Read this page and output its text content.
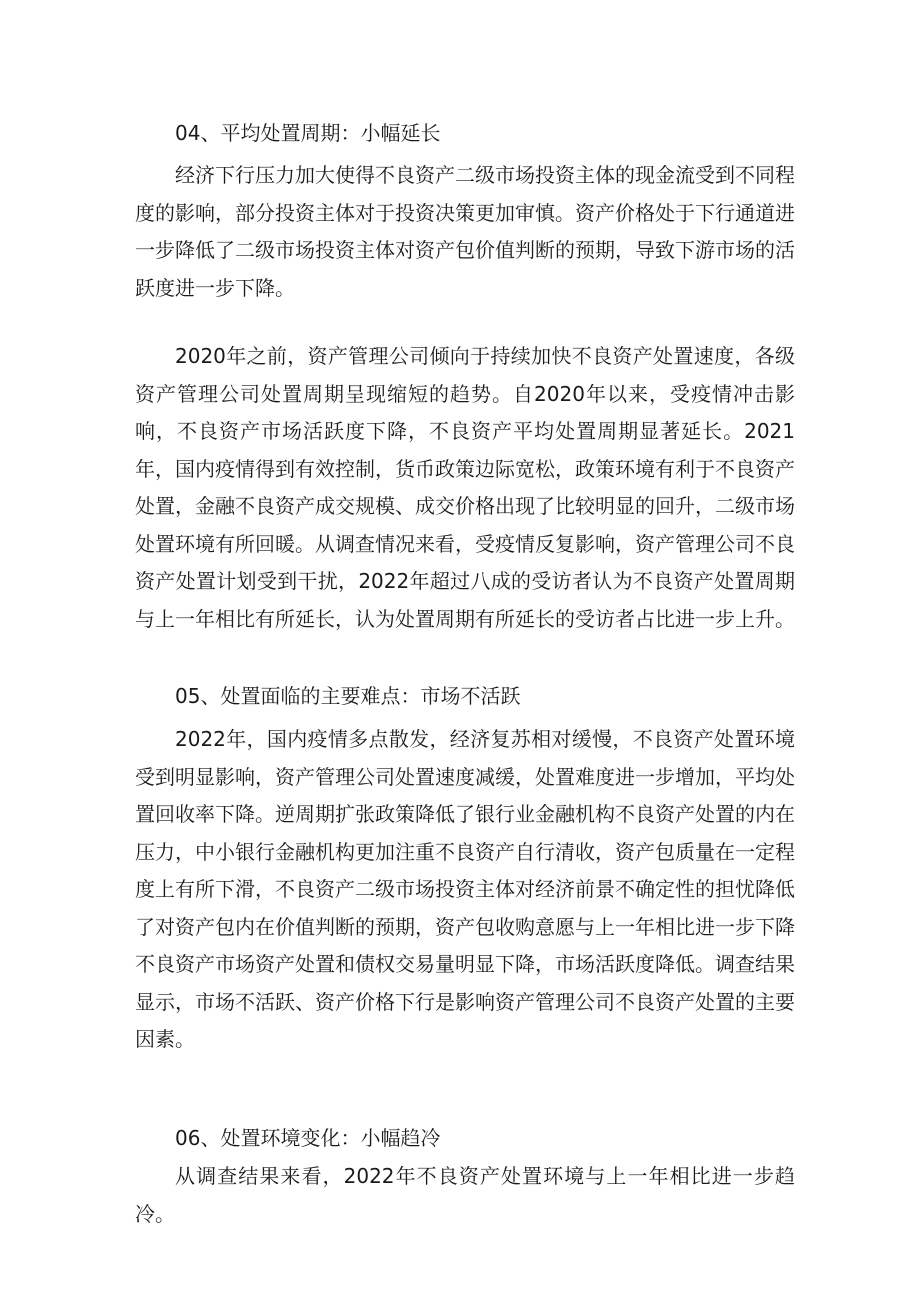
04、平均处置周期：小幅延长

经济下行压力加大使得不良资产二级市场投资主体的现金流受到不同程度的影响，部分投资主体对于投资决策更加审慎。资产价格处于下行通道进一步降低了二级市场投资主体对资产包价值判断的预期，导致下游市场的活跃度进一步下降。

2020年之前，资产管理公司倾向于持续加快不良资产处置速度，各级资产管理公司处置周期呈现缩短的趋势。自2020年以来，受疫情冲击影响，不良资产市场活跃度下降，不良资产平均处置周期显著延长。2021年，国内疫情得到有效控制，货币政策边际宽松，政策环境有利于不良资产处置，金融不良资产成交规模、成交价格出现了比较明显的回升，二级市场处置环境有所回暖。从调查情况来看，受疫情反复影响，资产管理公司不良资产处置计划受到干扰，2022年超过八成的受访者认为不良资产处置周期与上一年相比有所延长，认为处置周期有所延长的受访者占比进一步上升。

05、处置面临的主要难点：市场不活跃

2022年，国内疫情多点散发，经济复苏相对缓慢，不良资产处置环境受到明显影响，资产管理公司处置速度减缓，处置难度进一步增加，平均处置回收率下降。逆周期扩张政策降低了银行业金融机构不良资产处置的内在压力，中小银行金融机构更加注重不良资产自行清收，资产包质量在一定程度上有所下滑，不良资产二级市场投资主体对经济前景不确定性的担忧降低了对资产包内在价值判断的预期，资产包收购意愿与上一年相比进一步下降不良资产市场资产处置和债权交易量明显下降，市场活跃度降低。调查结果显示，市场不活跃、资产价格下行是影响资产管理公司不良资产处置的主要因素。

06、处置环境变化：小幅趋冷

从调查结果来看，2022年不良资产处置环境与上一年相比进一步趋冷。
